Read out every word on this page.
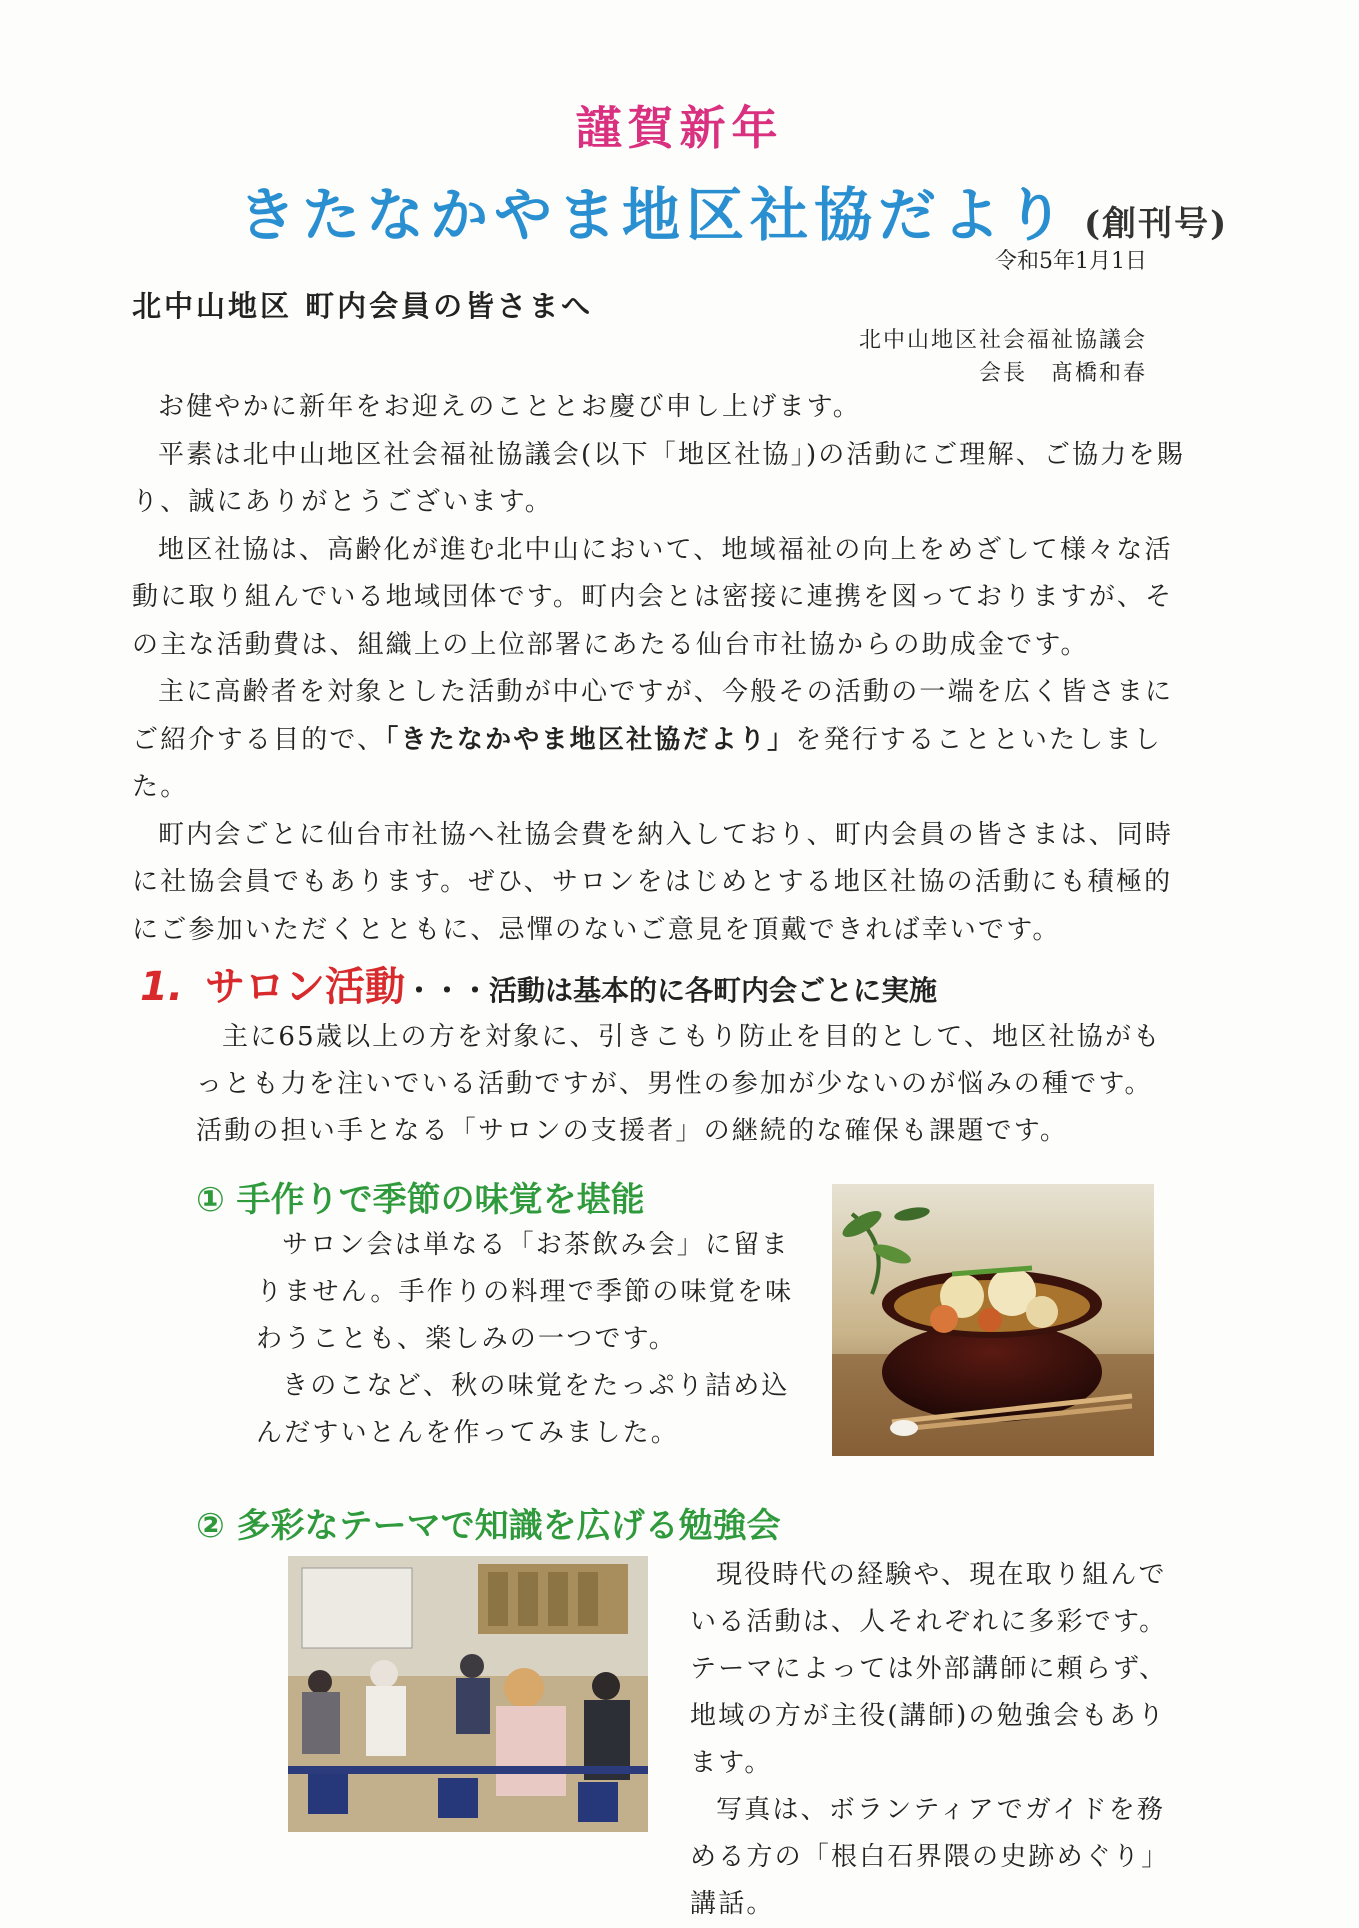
謹賀新年
きたなかやま地区社協だより (創刊号)
令和5年1月1日
北中山地区 町内会員の皆さまへ
北中山地区社会福祉協議会
会長　髙橋和春

お健やかに新年をお迎えのこととお慶び申し上げます。

平素は北中山地区社会福祉協議会(以下「地区社協」)の活動にご理解、ご協力を賜り、誠にありがとうございます。

地区社協は、高齢化が進む北中山において、地域福祉の向上をめざして様々な活動に取り組んでいる地域団体です。町内会とは密接に連携を図っておりますが、その主な活動費は、組織上の上位部署にあたる仙台市社協からの助成金です。

主に高齢者を対象とした活動が中心ですが、今般その活動の一端を広く皆さまにご紹介する目的で、「きたなかやま地区社協だより」を発行することといたしました。

町内会ごとに仙台市社協へ社協会費を納入しており、町内会員の皆さまは、同時に社協会員でもあります。ぜひ、サロンをはじめとする地区社協の活動にも積極的にご参加いただくとともに、忌憚のないご意見を頂戴できれば幸いです。

1. サロン活動・・・活動は基本的に各町内会ごとに実施

主に65歳以上の方を対象に、引きこもり防止を目的として、地区社協がもっとも力を注いでいる活動ですが、男性の参加が少ないのが悩みの種です。活動の担い手となる「サロンの支援者」の継続的な確保も課題です。

① 手作りで季節の味覚を堪能

サロン会は単なる「お茶飲み会」に留まりません。手作りの料理で季節の味覚を味わうことも、楽しみの一つです。

きのこなど、秋の味覚をたっぷり詰め込んだすいとんを作ってみました。

② 多彩なテーマで知識を広げる勉強会

現役時代の経験や、現在取り組んでいる活動は、人それぞれに多彩です。テーマによっては外部講師に頼らず、地域の方が主役(講師)の勉強会もあります。

写真は、ボランティアでガイドを務める方の「根白石界隈の史跡めぐり」講話。
